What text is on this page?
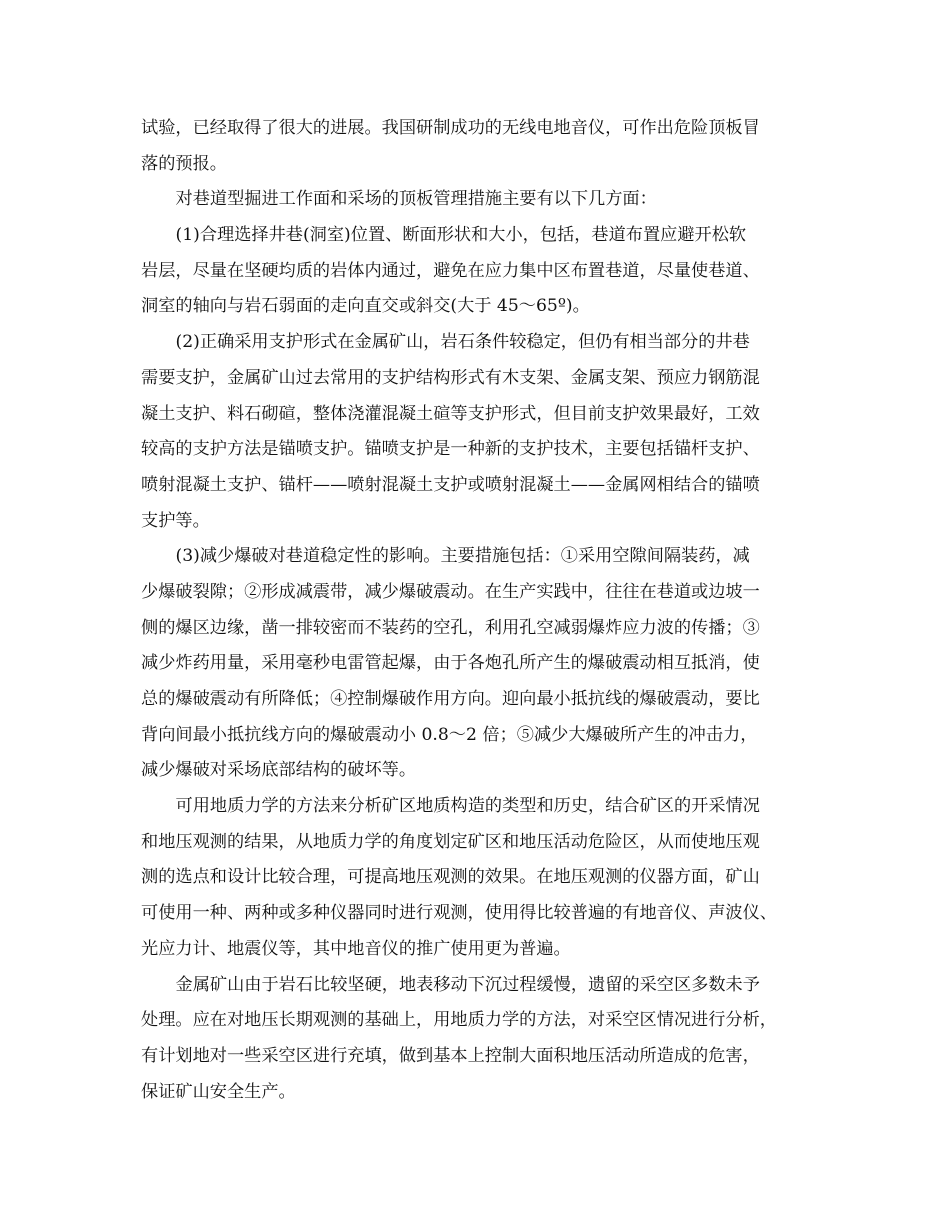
试验，已经取得了很大的进展。我国研制成功的无线电地音仪，可作出危险顶板冒
落的预报。
对巷道型掘进工作面和采场的顶板管理措施主要有以下几方面：
(1)合理选择井巷(洞室)位置、断面形状和大小，包括，巷道布置应避开松软
岩层，尽量在坚硬均质的岩体内通过，避免在应力集中区布置巷道，尽量使巷道、
洞室的轴向与岩石弱面的走向直交或斜交(大于 45～65º)。
(2)正确采用支护形式在金属矿山，岩石条件较稳定，但仍有相当部分的井巷
需要支护，金属矿山过去常用的支护结构形式有木支架、金属支架、预应力钢筋混
凝土支护、料石砌碹，整体浇灌混凝土碹等支护形式，但目前支护效果最好，工效
较高的支护方法是锚喷支护。锚喷支护是一种新的支护技术，主要包括锚杆支护、
喷射混凝土支护、锚杆——喷射混凝土支护或喷射混凝土——金属网相结合的锚喷
支护等。
(3)减少爆破对巷道稳定性的影响。主要措施包括：①采用空隙间隔装药，减
少爆破裂隙；②形成减震带，减少爆破震动。在生产实践中，往往在巷道或边坡一
侧的爆区边缘，凿一排较密而不装药的空孔，利用孔空减弱爆炸应力波的传播；③
减少炸药用量，采用毫秒电雷管起爆，由于各炮孔所产生的爆破震动相互抵消，使
总的爆破震动有所降低；④控制爆破作用方向。迎向最小抵抗线的爆破震动，要比
背向间最小抵抗线方向的爆破震动小 0.8～2 倍；⑤减少大爆破所产生的冲击力，
减少爆破对采场底部结构的破坏等。
可用地质力学的方法来分析矿区地质构造的类型和历史，结合矿区的开采情况
和地压观测的结果，从地质力学的角度划定矿区和地压活动危险区，从而使地压观
测的选点和设计比较合理，可提高地压观测的效果。在地压观测的仪器方面，矿山
可使用一种、两种或多种仪器同时进行观测，使用得比较普遍的有地音仪、声波仪、
光应力计、地震仪等，其中地音仪的推广使用更为普遍。
金属矿山由于岩石比较坚硬，地表移动下沉过程缓慢，遗留的采空区多数未予
处理。应在对地压长期观测的基础上，用地质力学的方法，对采空区情况进行分析，
有计划地对一些采空区进行充填，做到基本上控制大面积地压活动所造成的危害，
保证矿山安全生产。
